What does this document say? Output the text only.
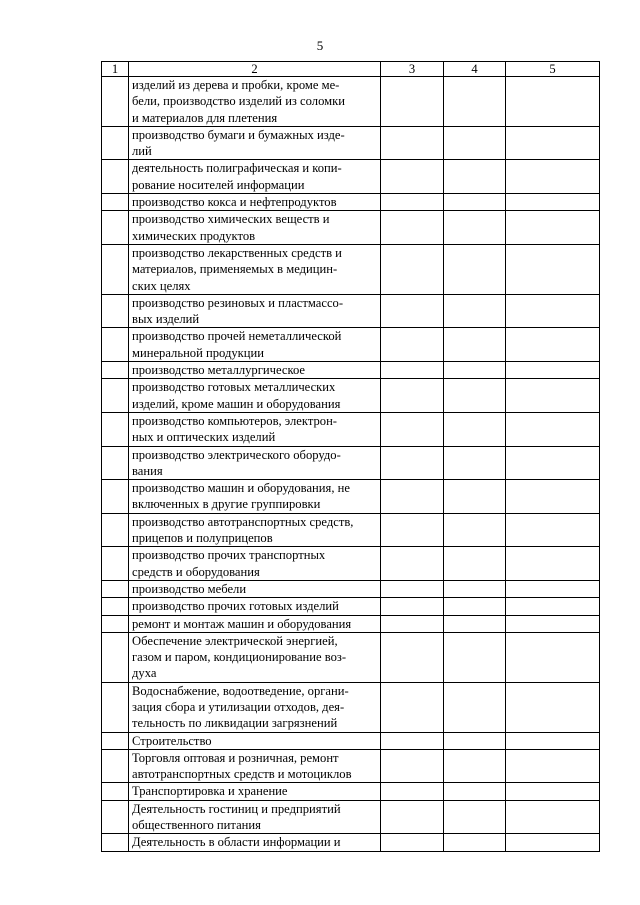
5
1	2	3	4	5
	изделий из дерева и пробки, кроме ме-
бели, производство изделий из соломки
и материалов для плетения			
	производство бумаги и бумажных изде-
лий			
	деятельность полиграфическая и копи-
рование носителей информации			
	производство кокса и нефтепродуктов			
	производство химических веществ и
химических продуктов			
	производство лекарственных средств и
материалов, применяемых в медицин-
ских целях			
	производство резиновых и пластмассо-
вых изделий			
	производство прочей неметаллической
минеральной продукции			
	производство металлургическое			
	производство готовых металлических
изделий, кроме машин и оборудования			
	производство компьютеров, электрон-
ных и оптических изделий			
	производство электрического оборудо-
вания			
	производство машин и оборудования, не
включенных в другие группировки			
	производство автотранспортных средств,
прицепов и полуприцепов			
	производство прочих транспортных
средств и оборудования			
	производство мебели			
	производство прочих готовых изделий			
	ремонт и монтаж машин и оборудования			
	Обеспечение электрической энергией,
газом и паром, кондиционирование воз-
духа			
	Водоснабжение, водоотведение, органи-
зация сбора и утилизации отходов, дея-
тельность по ликвидации загрязнений			
	Строительство			
	Торговля оптовая и розничная, ремонт
автотранспортных средств и мотоциклов			
	Транспортировка и хранение			
	Деятельность гостиниц и предприятий
общественного питания			
	Деятельность в области информации и			
